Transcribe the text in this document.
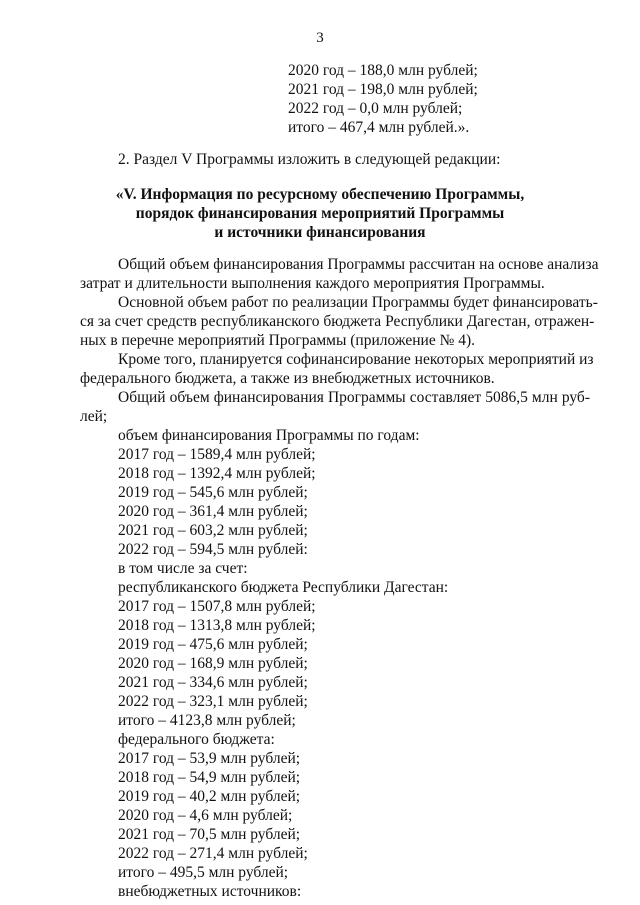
3
2020 год – 188,0 млн рублей;
2021 год – 198,0 млн рублей;
2022 год – 0,0 млн рублей;
итого – 467,4 млн рублей.».
2. Раздел V Программы изложить в следующей редакции:
«V. Информация по ресурсному обеспечению Программы,
порядок финансирования мероприятий Программы
и источники финансирования
Общий объем финансирования Программы рассчитан на основе анализа
затрат и длительности выполнения каждого мероприятия Программы.
Основной объем работ по реализации Программы будет финансировать-
ся за счет средств республиканского бюджета Республики Дагестан, отражен-
ных в перечне мероприятий Программы (приложение № 4).
Кроме того, планируется софинансирование некоторых мероприятий из
федерального бюджета, а также из внебюджетных источников.
Общий объем финансирования Программы составляет 5086,5 млн руб-
лей;
объем финансирования Программы по годам:
2017 год – 1589,4 млн рублей;
2018 год – 1392,4 млн рублей;
2019 год – 545,6 млн рублей;
2020 год – 361,4 млн рублей;
2021 год – 603,2 млн рублей;
2022 год – 594,5 млн рублей:
в том числе за счет:
республиканского бюджета Республики Дагестан:
2017 год – 1507,8 млн рублей;
2018 год – 1313,8 млн рублей;
2019 год – 475,6 млн рублей;
2020 год – 168,9 млн рублей;
2021 год – 334,6 млн рублей;
2022 год – 323,1 млн рублей;
итого – 4123,8 млн рублей;
федерального бюджета:
2017 год – 53,9 млн рублей;
2018 год – 54,9 млн рублей;
2019 год – 40,2 млн рублей;
2020 год – 4,6 млн рублей;
2021 год – 70,5 млн рублей;
2022 год – 271,4 млн рублей;
итого – 495,5 млн рублей;
внебюджетных источников:
